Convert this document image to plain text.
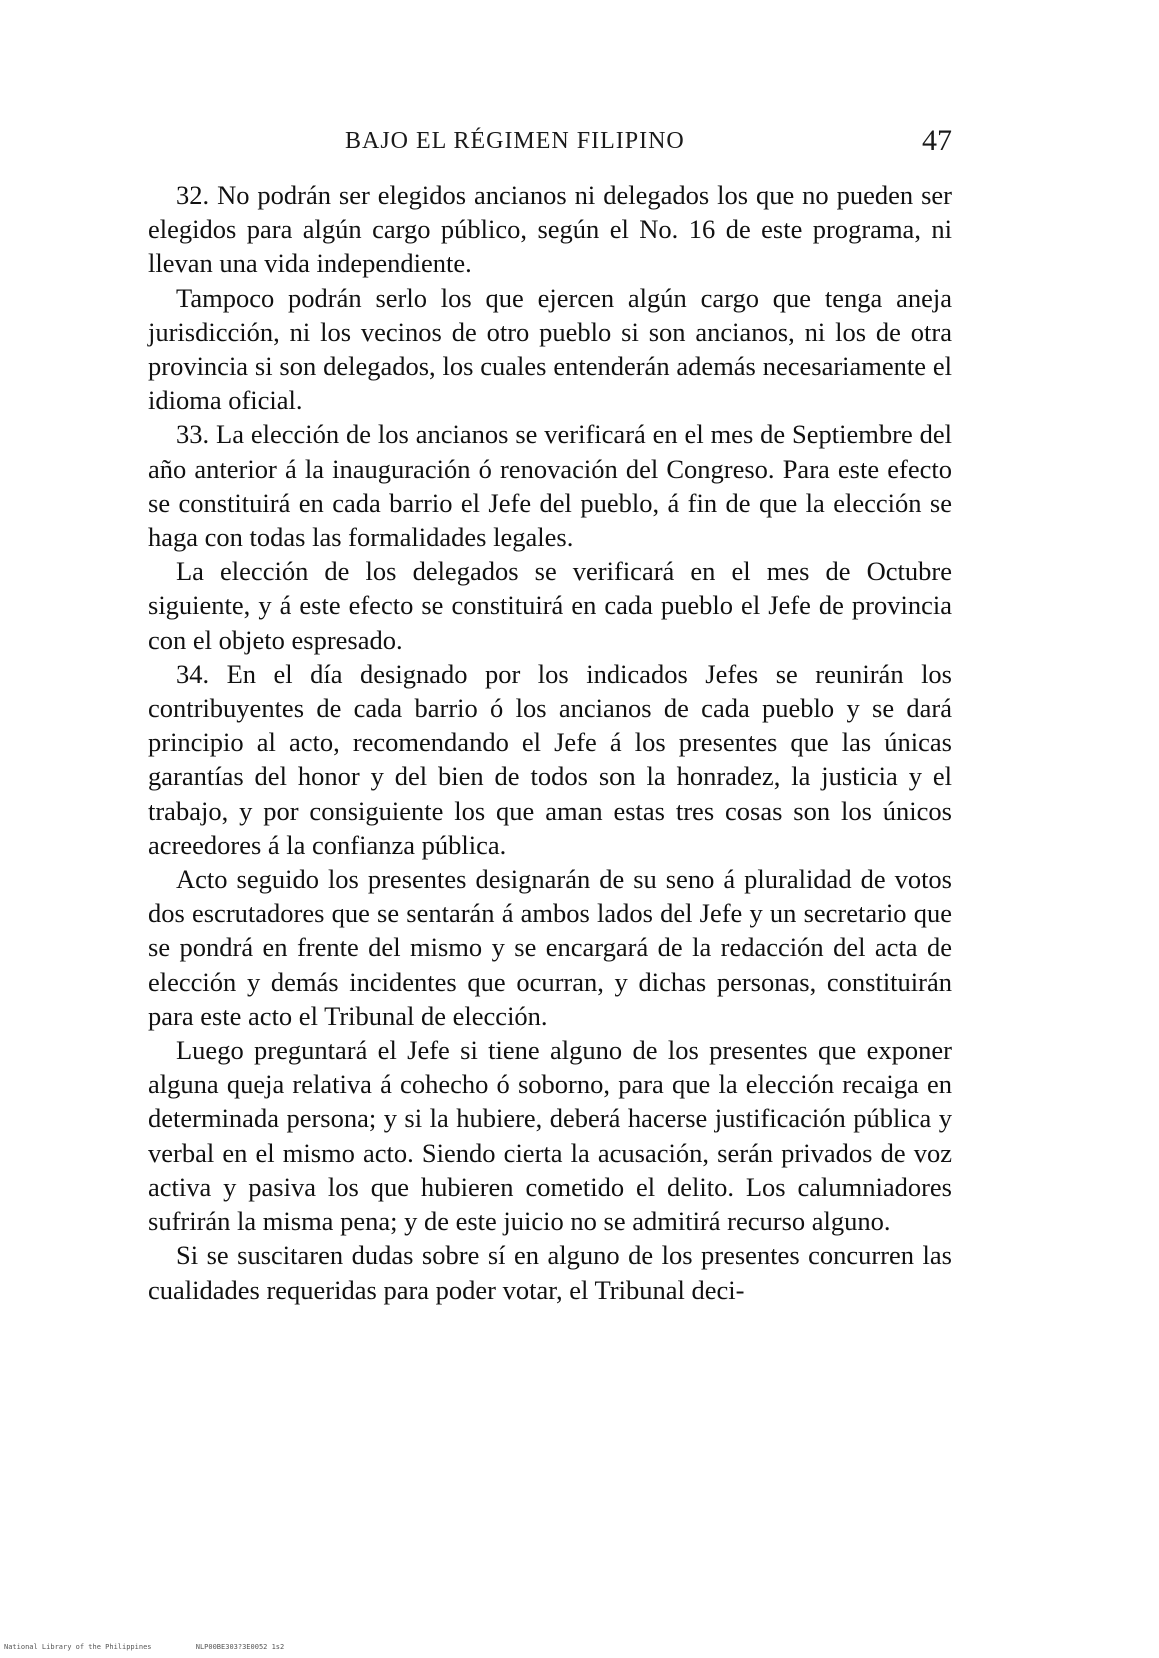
BAJO EL RÉGIMEN FILIPINO	47

32. No podrán ser elegidos ancianos ni delegados los que no pueden ser elegidos para algún cargo público, según el No. 16 de este programa, ni llevan una vida independiente.

Tampoco podrán serlo los que ejercen algún cargo que tenga aneja jurisdicción, ni los vecinos de otro pueblo si son ancianos, ni los de otra provincia si son delegados, los cuales entenderán además necesariamente el idioma oficial.

33. La elección de los ancianos se verificará en el mes de Septiembre del año anterior á la inauguración ó renovación del Congreso. Para este efecto se constituirá en cada barrio el Jefe del pueblo, á fin de que la elección se haga con todas las formalidades legales.

La elección de los delegados se verificará en el mes de Octubre siguiente, y á este efecto se constituirá en cada pueblo el Jefe de provincia con el objeto espresado.

34. En el día designado por los indicados Jefes se reunirán los contribuyentes de cada barrio ó los ancianos de cada pueblo y se dará principio al acto, recomendando el Jefe á los presentes que las únicas garantías del honor y del bien de todos son la honradez, la justicia y el trabajo, y por consiguiente los que aman estas tres cosas son los únicos acreedores á la confianza pública.

Acto seguido los presentes designarán de su seno á pluralidad de votos dos escrutadores que se sentarán á ambos lados del Jefe y un secretario que se pondrá en frente del mismo y se encargará de la redacción del acta de elección y demás incidentes que ocurran, y dichas personas, constituirán para este acto el Tribunal de elección.

Luego preguntará el Jefe si tiene alguno de los presentes que exponer alguna queja relativa á cohecho ó soborno, para que la elección recaiga en determinada persona; y si la hubiere, deberá hacerse justificación pública y verbal en el mismo acto. Siendo cierta la acusación, serán privados de voz activa y pasiva los que hubieren cometido el delito. Los calumniadores sufrirán la misma pena; y de este juicio no se admitirá recurso alguno.

Si se suscitaren dudas sobre sí en alguno de los presentes concurren las cualidades requeridas para poder votar, el Tribunal deci-

National Library of the Philippines	NLP00BE303?3E0052 1s2
